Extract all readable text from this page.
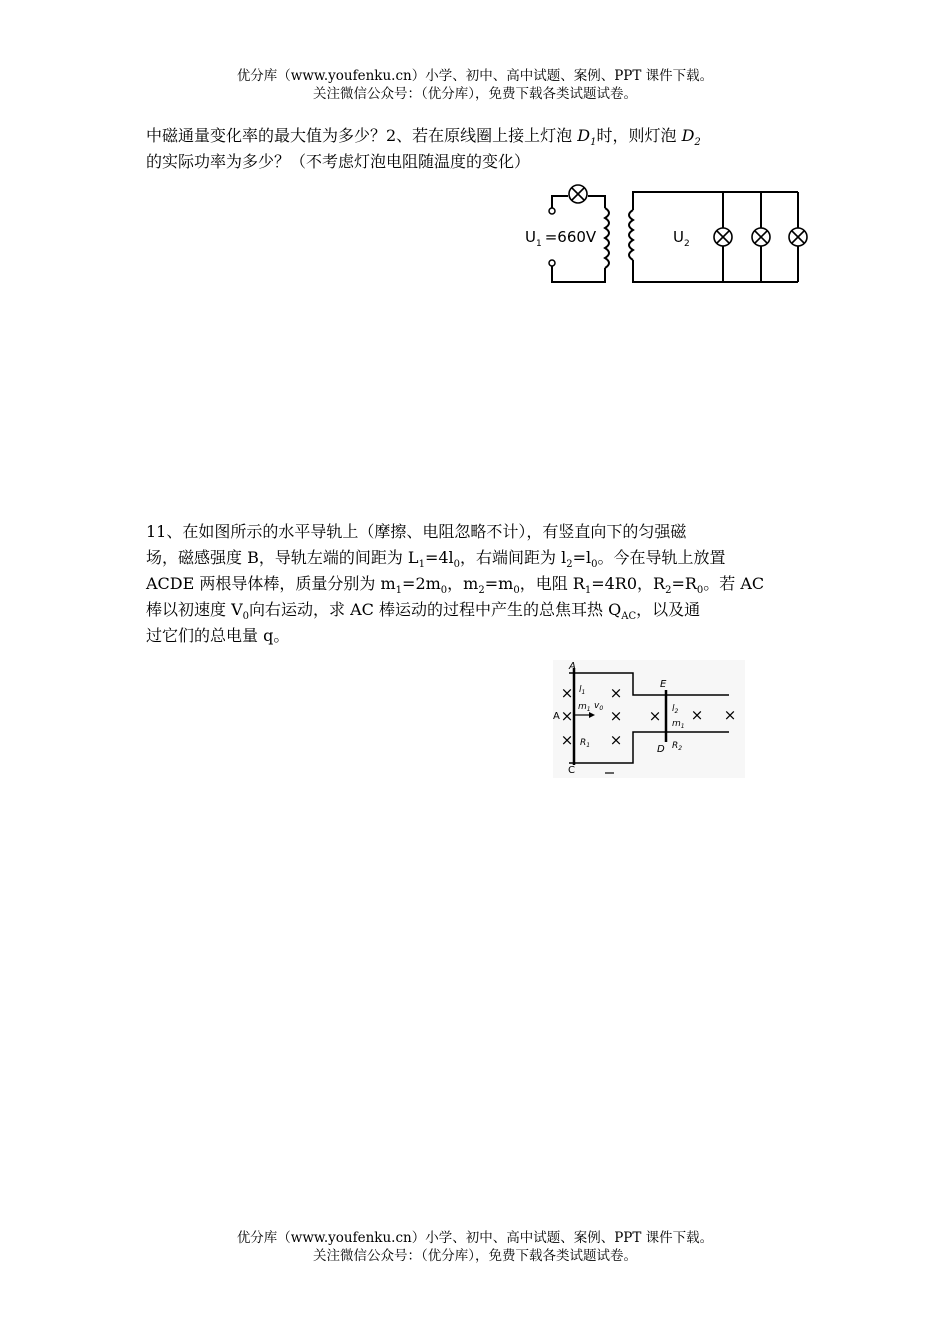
优分库（www.youfenku.cn）小学、初中、高中试题、案例、PPT 课件下载。
关注微信公众号：（优分库），免费下载各类试题试卷。
中磁通量变化率的最大值为多少？2、若在原线圈上接上灯泡 $D_1$时，则灯泡 $D_2$
的实际功率为多少？（不考虑灯泡电阻随温度的变化）
$U_1 =660V$	$U_2$
11、在如图所示的水平导轨上（摩擦、电阻忽略不计），有竖直向下的匀强磁
场，磁感强度 B，导轨左端的间距为 $L_1=4l_0$，右端间距为 $l_2=l_0$。今在导轨上放置
ACDE 两根导体棒，质量分别为 $m_1=2m_0$，$m_2=m_0$，电阻 $R_1=4R0$，$R_2=R_0$。若 AC
棒以初速度 $V_0$向右运动，求 AC 棒运动的过程中产生的总焦耳热 $Q_{AC}$，以及通
过它们的总电量 q。
× ×
× ×
× ×
× × ×
A
A
C
E
D
$l_1$
$m_1$ $v_0$
$R_1$
$l_2$
$m_1$
$R_2$
优分库（www.youfenku.cn）小学、初中、高中试题、案例、PPT 课件下载。
关注微信公众号：（优分库），免费下载各类试题试卷。
